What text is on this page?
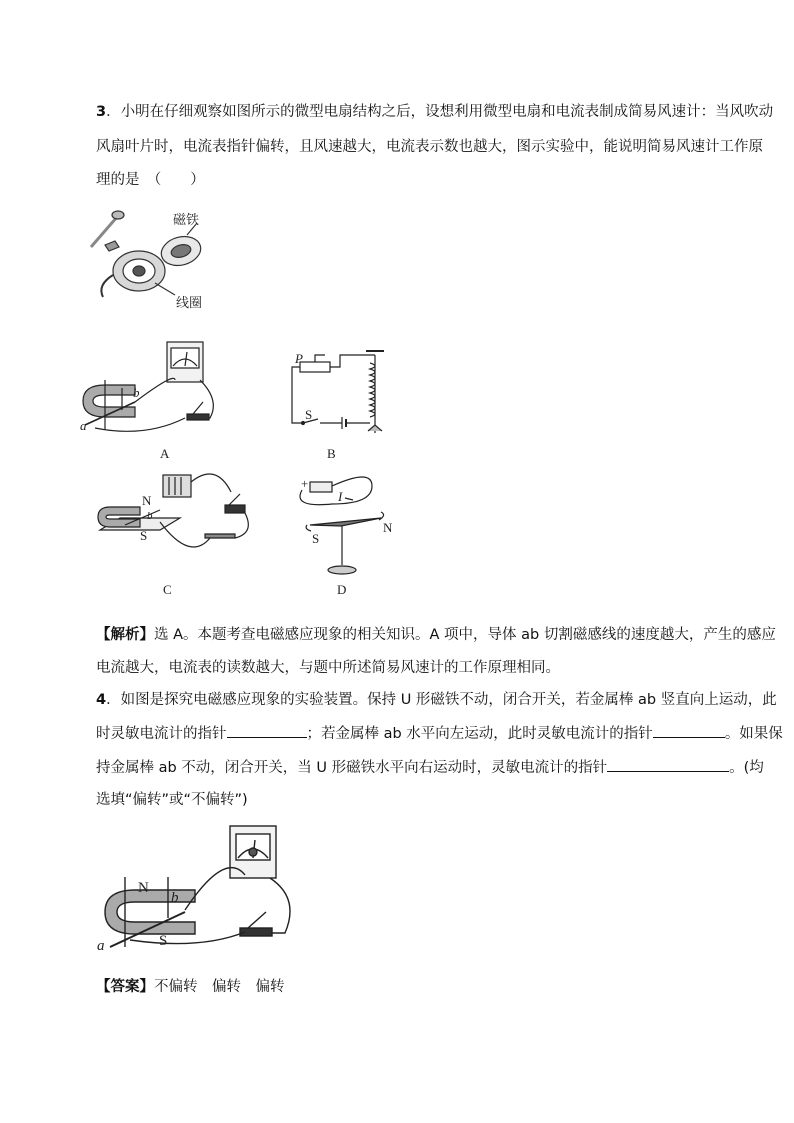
3．小明在仔细观察如图所示的微型电扇结构之后，设想利用微型电扇和电流表制成简易风速计：当风吹动
风扇叶片时，电流表指针偏转，且风速越大，电流表示数也越大，图示实验中，能说明简易风速计工作原
理的是　（　　）
磁铁
线圈
b
a
A
P
S
B
N
b
S
C
+
I
N
S
D
【解析】选 A。本题考查电磁感应现象的相关知识。A 项中，导体 ab 切割磁感线的速度越大，产生的感应
电流越大，电流表的读数越大，与题中所述简易风速计的工作原理相同。
4．如图是探究电磁感应现象的实验装置。保持 U 形磁铁不动，闭合开关，若金属棒 ab 竖直向上运动，此
时灵敏电流计的指针	；若金属棒 ab 水平向左运动，此时灵敏电流计的指针	。如果保
持金属棒 ab 不动，闭合开关，当 U 形磁铁水平向右运动时，灵敏电流计的指针	。(均
选填“偏转”或“不偏转”)
N
b
a	S
【答案】不偏转　偏转　偏转
